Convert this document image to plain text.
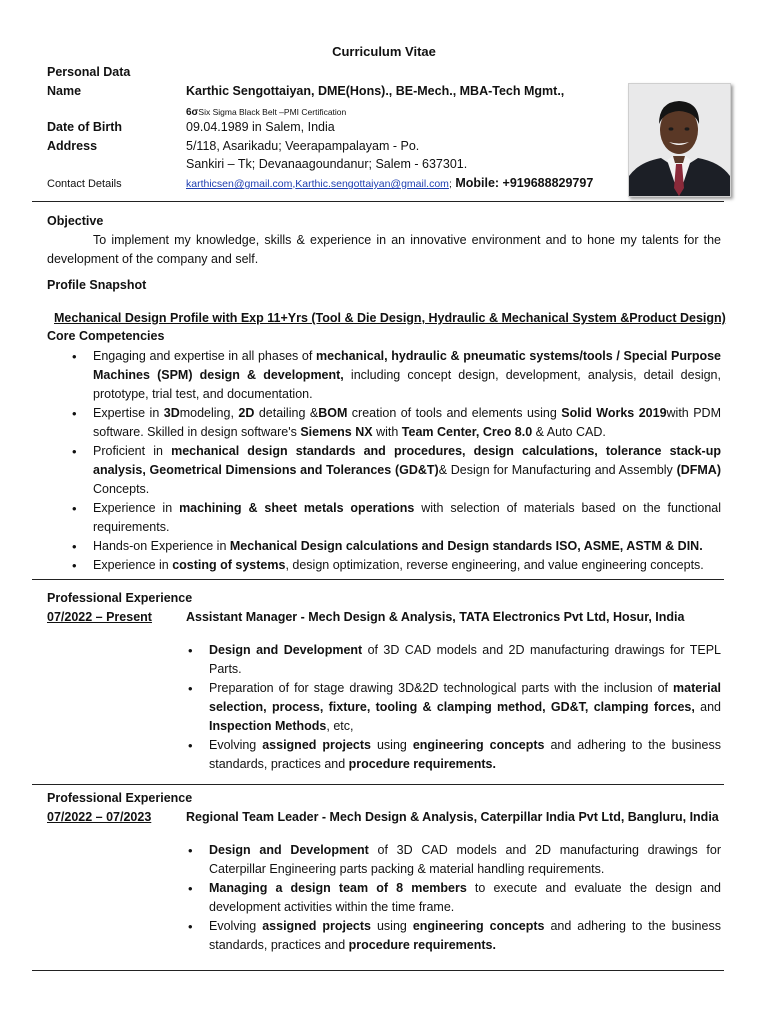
Curriculum Vitae
Personal Data
Name	Karthic Sengottaiyan, DME(Hons)., BE-Mech., MBA-Tech Mgmt.,
6σSix Sigma Black Belt –PMI Certification
Date of Birth	09.04.1989 in Salem, India
Address	5/118, Asarikadu; Veerapampalayam - Po.
Sankiri – Tk; Devanaagoundanur; Salem - 637301.
Contact Details	karthicsen@gmail.com,Karthic.sengottaiyan@gmail.com; Mobile: +919688829797
Objective
To implement my knowledge, skills & experience in an innovative environment and to hone my talents for the development of the company and self.
Profile Snapshot
Mechanical Design Profile with Exp 11+Yrs (Tool & Die Design, Hydraulic & Mechanical System &Product Design)
Core Competencies
• Engaging and expertise in all phases of mechanical, hydraulic & pneumatic systems/tools / Special Purpose Machines (SPM) design & development, including concept design, development, analysis, detail design, prototype, trial test, and documentation.
• Expertise in 3Dmodeling, 2D detailing &BOM creation of tools and elements using Solid Works 2019with PDM software. Skilled in design software's Siemens NX with Team Center, Creo 8.0 & Auto CAD.
• Proficient in mechanical design standards and procedures, design calculations, tolerance stack-up analysis, Geometrical Dimensions and Tolerances (GD&T)& Design for Manufacturing and Assembly (DFMA) Concepts.
• Experience in machining & sheet metals operations with selection of materials based on the functional requirements.
• Hands-on Experience in Mechanical Design calculations and Design standards ISO, ASME, ASTM & DIN.
• Experience in costing of systems, design optimization, reverse engineering, and value engineering concepts.
Professional Experience
07/2022 – Present	Assistant Manager - Mech Design & Analysis, TATA Electronics Pvt Ltd, Hosur, India
• Design and Development of 3D CAD models and 2D manufacturing drawings for TEPL Parts.
• Preparation of for stage drawing 3D&2D technological parts with the inclusion of material selection, process, fixture, tooling & clamping method, GD&T, clamping forces, and Inspection Methods, etc,
• Evolving assigned projects using engineering concepts and adhering to the business standards, practices and procedure requirements.
Professional Experience
07/2022 – 07/2023	Regional Team Leader - Mech Design & Analysis, Caterpillar India Pvt Ltd, Bangluru, India
• Design and Development of 3D CAD models and 2D manufacturing drawings for Caterpillar Engineering parts packing & material handling requirements.
• Managing a design team of 8 members to execute and evaluate the design and development activities within the time frame.
• Evolving assigned projects using engineering concepts and adhering to the business standards, practices and procedure requirements.
